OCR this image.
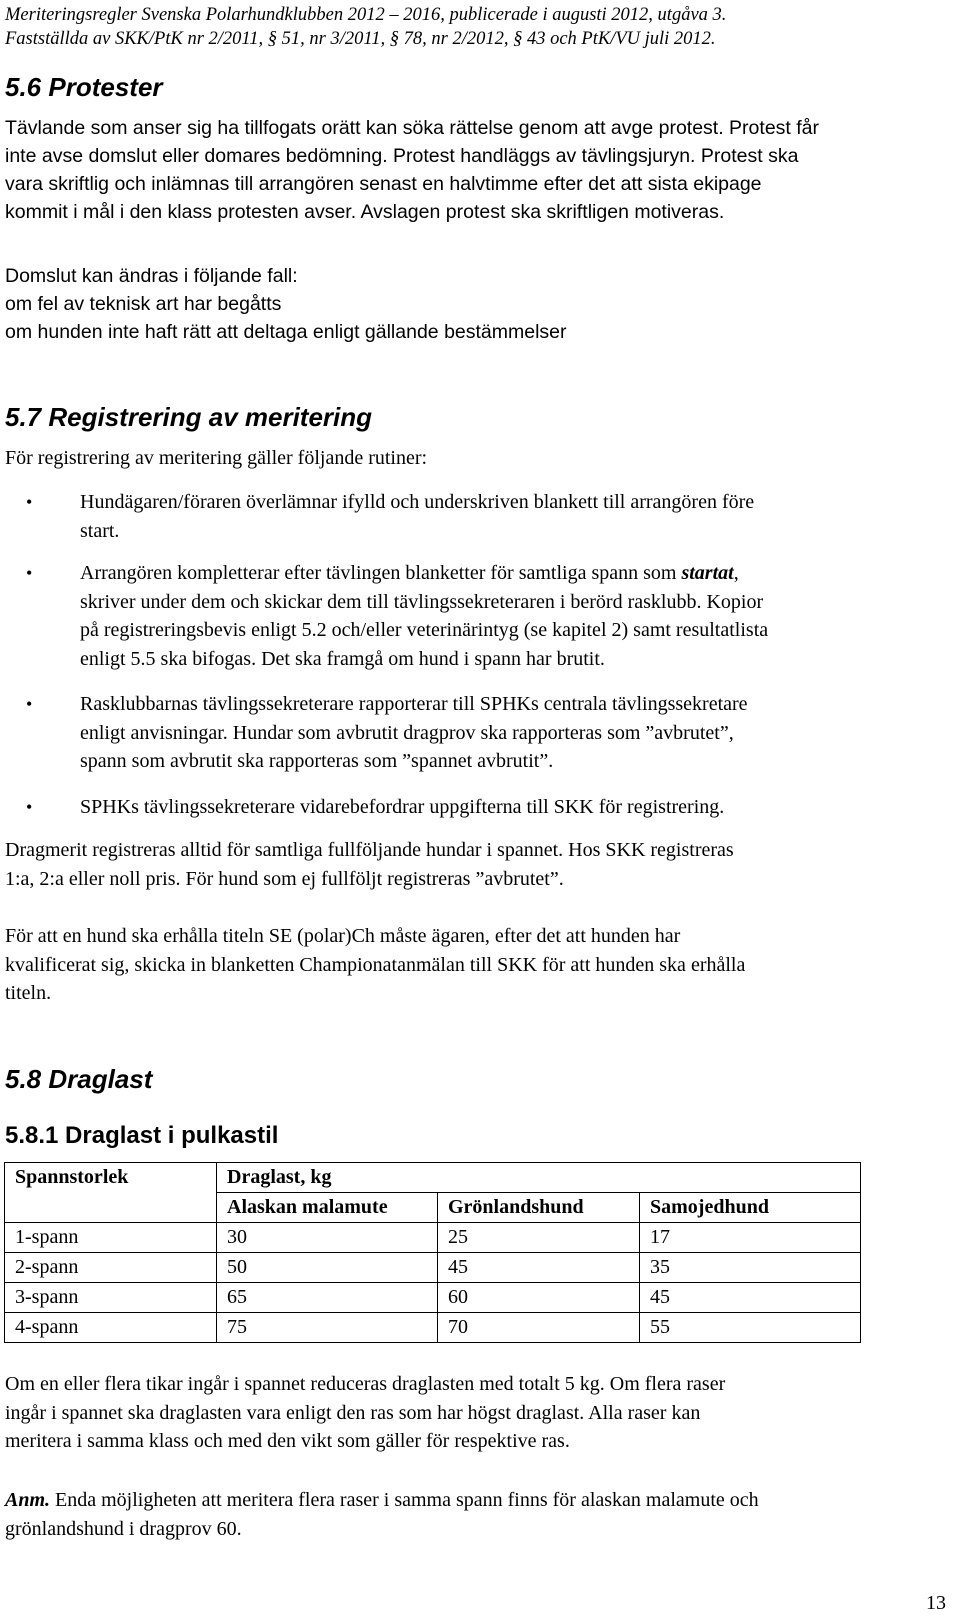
Meriteringsregler Svenska Polarhundklubben 2012 – 2016, publicerade i augusti 2012, utgåva 3.
Fastställda av SKK/PtK nr 2/2011, § 51, nr 3/2011, § 78, nr 2/2012, § 43 och PtK/VU juli 2012.
5.6 Protester
Tävlande som anser sig ha tillfogats orätt kan söka rättelse genom att avge protest. Protest får
inte avse domslut eller domares bedömning. Protest handläggs av tävlingsjuryn. Protest ska
vara skriftlig och inlämnas till arrangören senast en halvtimme efter det att sista ekipage
kommit i mål i den klass protesten avser. Avslagen protest ska skriftligen motiveras.
Domslut kan ändras i följande fall:
om fel av teknisk art har begåtts
om hunden inte haft rätt att deltaga enligt gällande bestämmelser
5.7 Registrering av meritering
För registrering av meritering gäller följande rutiner:
• Hundägaren/föraren överlämnar ifylld och underskriven blankett till arrangören före
start.
• Arrangören kompletterar efter tävlingen blanketter för samtliga spann som startat,
skriver under dem och skickar dem till tävlingssekreteraren i berörd rasklubb. Kopior
på registreringsbevis enligt 5.2 och/eller veterinärintyg (se kapitel 2) samt resultatlista
enligt 5.5 ska bifogas. Det ska framgå om hund i spann har brutit.
• Rasklubbarnas tävlingssekreterare rapporterar till SPHKs centrala tävlingssekretare
enligt anvisningar. Hundar som avbrutit dragprov ska rapporteras som ”avbrutet”,
spann som avbrutit ska rapporteras som ”spannet avbrutit”.
• SPHKs tävlingssekreterare vidarebefordrar uppgifterna till SKK för registrering.
Dragmerit registreras alltid för samtliga fullföljande hundar i spannet. Hos SKK registreras
1:a, 2:a eller noll pris. För hund som ej fullföljt registreras ”avbrutet”.
För att en hund ska erhålla titeln SE (polar)Ch måste ägaren, efter det att hunden har
kvalificerat sig, skicka in blanketten Championatanmälan till SKK för att hunden ska erhålla
titeln.
5.8 Draglast
5.8.1 Draglast i pulkastil
Spannstorlek	Draglast, kg		
	Alaskan malamute	Grönlandshund	Samojedhund
1-spann	30	25	17
2-spann	50	45	35
3-spann	65	60	45
4-spann	75	70	55
Om en eller flera tikar ingår i spannet reduceras draglasten med totalt 5 kg. Om flera raser
ingår i spannet ska draglasten vara enligt den ras som har högst draglast. Alla raser kan
meritera i samma klass och med den vikt som gäller för respektive ras.
Anm. Enda möjligheten att meritera flera raser i samma spann finns för alaskan malamute och
grönlandshund i dragprov 60.
13
